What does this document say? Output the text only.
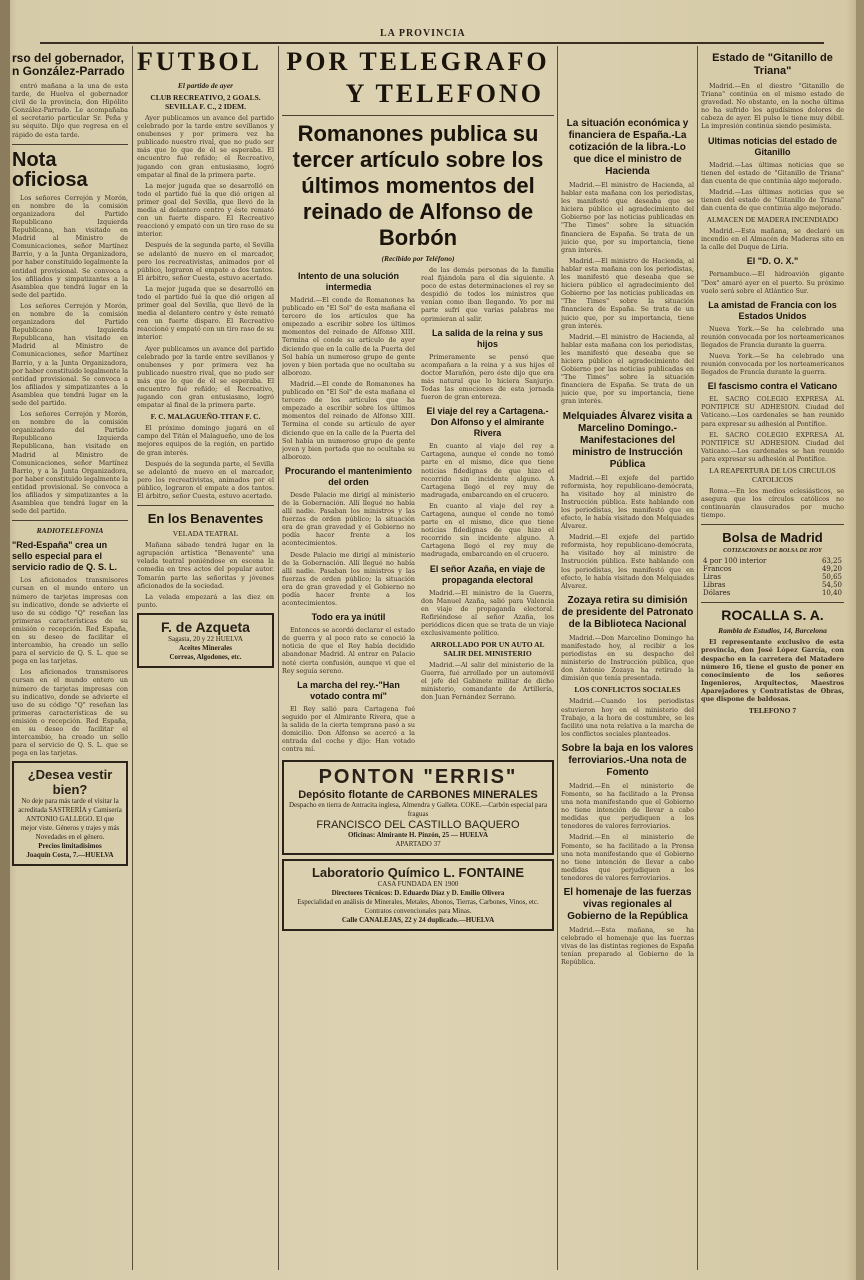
LA PROVINCIA
rso del gobernador, n González-Parrado

entró mañana a la una de esta tarde, de Huelva el gobernador civil de la provincia, don Hipólito González-Parrado. Le acompañaba el secretario particular Sr. Peña y su séquito. Dijo que regresa en el rápido de esta tarde.

Nota oficiosa

Los señores Cerrejón y Morón, en nombre de la comisión organizadora del Partido Republicano Izquierda Republicana, han visitado en Madrid al Ministro de Comunicaciones, señor Martínez Barrio, y a la Junta Organizadora, por haber constituido legalmente la entidad provisional. Se convoca a los afiliados y simpatizantes a la Asamblea que tendrá lugar en la sede del partido.

Los señores Cerrejón y Morón, en nombre de la comisión organizadora del Partido Republicano Izquierda Republicana, han visitado en Madrid al Ministro de Comunicaciones, señor Martínez Barrio, y a la Junta Organizadora, por haber constituido legalmente la entidad provisional. Se convoca a los afiliados y simpatizantes a la Asamblea que tendrá lugar en la sede del partido.

Los señores Cerrejón y Morón, en nombre de la comisión organizadora del Partido Republicano Izquierda Republicana, han visitado en Madrid al Ministro de Comunicaciones, señor Martínez Barrio, y a la Junta Organizadora, por haber constituido legalmente la entidad provisional. Se convoca a los afiliados y simpatizantes a la Asamblea que tendrá lugar en la sede del partido.

RADIOTELEFONIA
"Red-España" crea un sello especial para el servicio radio de Q. S. L.

Los aficionados transmisores cursan en el mundo entero un número de tarjetas impresas con su indicativo, donde se advierte el uso de su código "Q" reseñan las primeras características de su emisión o recepción. Red España, en su deseo de facilitar el intercambio, ha creado un sello para el servicio de Q. S. L. que se pega en las tarjetas.

Los aficionados transmisores cursan en el mundo entero un número de tarjetas impresas con su indicativo, donde se advierte el uso de su código "Q" reseñan las primeras características de su emisión o recepción. Red España, en su deseo de facilitar el intercambio, ha creado un sello para el servicio de Q. S. L. que se pega en las tarjetas.

¿Desea vestir bien?
No deje para más tarde el visitar la acreditada SASTRERÍA y Camisería ANTONIO GALLEGO. El que mejor viste. Géneros y trajes y más Novedades en el género.
Precios limitadísimos
Joaquín Costa, 7.—HUELVA
FUTBOL
El partido de ayer
CLUB RECREATIVO, 2 GOALS. SEVILLA F. C., 2 IDEM.

Ayer publicamos un avance del partido celebrado por la tarde entre sevillanos y onubenses y por primera vez ha publicado nuestro rival, que no pudo ser más que lo que de él se esperaba. El encuentro fué reñido; el Recreativo, jugando con gran entusiasmo, logró empatar al final de la primera parte.

La mejor jugada que se desarrolló en todo el partido fué la que dió origen al primer goal del Sevilla, que llevó de la media al delantero centro y éste remató con un fuerte disparo. El Recreativo reaccionó y empató con un tiro raso de su interior.

Después de la segunda parte, el Sevilla se adelantó de nuevo en el marcador, pero los recreativistas, animados por el público, lograron el empate a dos tantos. El árbitro, señor Cuesta, estuvo acertado.

La mejor jugada que se desarrolló en todo el partido fué la que dió origen al primer goal del Sevilla, que llevó de la media al delantero centro y éste remató con un fuerte disparo. El Recreativo reaccionó y empató con un tiro raso de su interior.

Ayer publicamos un avance del partido celebrado por la tarde entre sevillanos y onubenses y por primera vez ha publicado nuestro rival, que no pudo ser más que lo que de él se esperaba. El encuentro fué reñido; el Recreativo, jugando con gran entusiasmo, logró empatar al final de la primera parte.

F. C. MALAGUEÑO-TITAN F. C.

El próximo domingo jugará en el campo del Titán el Malagueño, uno de los mejores equipos de la región, en partido de gran interés.

Después de la segunda parte, el Sevilla se adelantó de nuevo en el marcador, pero los recreativistas, animados por el público, lograron el empate a dos tantos. El árbitro, señor Cuesta, estuvo acertado.

En los Benaventes
VELADA TEATRAL

Mañana sábado tendrá lugar en la agrupación artística "Benavente" una velada teatral poniéndose en escena la comedia en tres actos del popular autor. Tomarán parte las señoritas y jóvenes aficionados de la sociedad.

La velada empezará a las diez en punto.

F. de Azqueta
Sagasta, 20 y 22 HUELVA
Aceites Minerales
Correas, Algodones, etc.
POR TELEGRAFO
Y TELEFONO
Romanones publica su tercer artículo sobre los últimos momentos del reinado de Alfonso de Borbón
(Recibido por Teléfono)
Intento de una solución intermedia

Madrid.—El conde de Romanones ha publicado en "El Sol" de esta mañana el tercero de los artículos que ha empezado a escribir sobre los últimos momentos del reinado de Alfonso XIII. Termina el conde su artículo de ayer diciendo que en la calle de la Puerta del Sol había un numeroso grupo de gente joven y bien portada que no ocultaba su alborozo.

Madrid.—El conde de Romanones ha publicado en "El Sol" de esta mañana el tercero de los artículos que ha empezado a escribir sobre los últimos momentos del reinado de Alfonso XIII. Termina el conde su artículo de ayer diciendo que en la calle de la Puerta del Sol había un numeroso grupo de gente joven y bien portada que no ocultaba su alborozo.

Procurando el mantenimiento del orden

Desde Palacio me dirigí al ministerio de la Gobernación. Allí llegué no había allí nadie. Pasaban los ministros y las fuerzas de orden público; la situación era de gran gravedad y el Gobierno no podía hacer frente a los acontecimientos.

Desde Palacio me dirigí al ministerio de la Gobernación. Allí llegué no había allí nadie. Pasaban los ministros y las fuerzas de orden público; la situación era de gran gravedad y el Gobierno no podía hacer frente a los acontecimientos.

Todo era ya inútil

Entonces se acordó declarar el estado de guerra y al poco rato se conoció la noticia de que el Rey había decidido abandonar Madrid. Al entrar en Palacio noté cierta confusión, aunque vi que el Rey seguía sereno.

La marcha del rey.-"Han votado contra mí"

El Rey salió para Cartagena fué seguido por el Almirante Rivera, que a la salida de la cierta temprana pasó a su domicilio. Don Alfonso se acercó a la entrada del coche y dijo: Han votado contra mí.

de las demás personas de la familia real fijándola para el día siguiente. A poco de estas determinaciones el rey se despidió de todos los ministros que venían como iban llegando. Yo por mi parte sufrí que varias palabras me oprimieran al salir.

La salida de la reina y sus hijos

Primeramente se pensó que acompañara a la reina y a sus hijos el doctor Marañón, pero éste dijo que era más natural que lo hiciera Sanjurjo. Todas las emociones de esta jornada fueron de gran entereza.

El viaje del rey a Cartagena.-Don Alfonso y el almirante Rivera

En cuanto al viaje del rey a Cartagena, aunque el conde no tomó parte en el mismo, dice que tiene noticias fidedignas de que hizo el recorrido sin incidente alguno. A Cartagena llegó el rey muy de madrugada, embarcando en el crucero.

En cuanto al viaje del rey a Cartagena, aunque el conde no tomó parte en el mismo, dice que tiene noticias fidedignas de que hizo el recorrido sin incidente alguno. A Cartagena llegó el rey muy de madrugada, embarcando en el crucero.

El señor Azaña, en viaje de propaganda electoral

Madrid.—El ministro de la Guerra, don Manuel Azaña, salió para Valencia en viaje de propaganda electoral. Refiriéndose al señor Azaña, los periódicos dicen que se trata de un viaje exclusivamente político.

ARROLLADO POR UN AUTO AL SALIR DEL MINISTERIO

Madrid.—Al salir del ministerio de la Guerra, fué arrollado por un automóvil el jefe del Gabinete militar de dicho ministerio, comandante de Artillería, don Juan Fernández Serrano.

PONTON "ERRIS"
Depósito flotante de CARBONES MINERALES
Despacho en tierra de Antracita inglesa, Almendra y Galleta. COKE.—Carbón especial para fraguas
FRANCISCO DEL CASTILLO BAQUERO
Oficinas: Almirante H. Pinzón, 25 — HUELVA
APARTADO 37
Laboratorio Químico L. FONTAINE
CASA FUNDADA EN 1900
Directores Técnicos: D. Eduardo Díaz y D. Emilio Olivera
Especialidad en análisis de Minerales, Metales, Abonos, Tierras, Carbones, Vinos, etc. Contratos convencionales para Minas.
Calle CANALEJAS, 22 y 24 duplicado.—HUELVA
La situación económica y financiera de España.-La cotización de la libra.-Lo que dice el ministro de Hacienda

Madrid.—El ministro de Hacienda, al hablar esta mañana con los periodistas, les manifestó que deseaba que se hiciera público el agradecimiento del Gobierno por las noticias publicadas en "The Times" sobre la situación financiera de España. Se trata de un juicio que, por su importancia, tiene gran interés.

Madrid.—El ministro de Hacienda, al hablar esta mañana con los periodistas, les manifestó que deseaba que se hiciera público el agradecimiento del Gobierno por las noticias publicadas en "The Times" sobre la situación financiera de España. Se trata de un juicio que, por su importancia, tiene gran interés.

Madrid.—El ministro de Hacienda, al hablar esta mañana con los periodistas, les manifestó que deseaba que se hiciera público el agradecimiento del Gobierno por las noticias publicadas en "The Times" sobre la situación financiera de España. Se trata de un juicio que, por su importancia, tiene gran interés.

Melquiades Álvarez visita a Marcelino Domingo.-Manifestaciones del ministro de Instrucción Pública

Madrid.—El exjefe del partido reformista, hoy republicano-demócrata, ha visitado hoy al ministro de Instrucción pública. Este hablando con los periodistas, les manifestó que en efecto, le había visitado don Melquiades Álvarez.

Madrid.—El exjefe del partido reformista, hoy republicano-demócrata, ha visitado hoy al ministro de Instrucción pública. Este hablando con los periodistas, les manifestó que en efecto, le había visitado don Melquiades Álvarez.

Zozaya retira su dimisión de presidente del Patronato de la Biblioteca Nacional

Madrid.—Don Marcelino Domingo ha manifestado hoy, al recibir a los periodistas en su despacho del ministerio de Instrucción pública, que don Antonio Zozaya ha retirado la dimisión que tenía presentada.

LOS CONFLICTOS SOCIALES

Madrid.—Cuando los periodistas estuvieron hoy en el ministerio del Trabajo, a la hora de costumbre, se les facilitó una nota relativa a la marcha de los conflictos sociales planteados.

Sobre la baja en los valores ferroviarios.-Una nota de Fomento

Madrid.—En el ministerio de Fomento, se ha facilitado a la Prensa una nota manifestando que el Gobierno no tiene intención de llevar a cabo medidas que perjudiquen a los tenedores de valores ferroviarios.

Madrid.—En el ministerio de Fomento, se ha facilitado a la Prensa una nota manifestando que el Gobierno no tiene intención de llevar a cabo medidas que perjudiquen a los tenedores de valores ferroviarios.

El homenaje de las fuerzas vivas regionales al Gobierno de la República

Madrid.—Esta mañana, se ha celebrado el homenaje que las fuerzas vivas de las distintas regiones de España tenían preparado al Gobierno de la República.

Estado de "Gitanillo de Triana"

Madrid.—En el diestro "Gitanillo de Triana" continúa en el mismo estado de gravedad. No obstante, en la noche última no ha sufrido los agudísimos dolores de cabeza de ayer. El pulso le tiene muy débil. La impresión continúa siendo pesimista.

Ultimas noticias del estado de Gitanillo

Madrid.—Las últimas noticias que se tienen del estado de "Gitanillo de Triana" dan cuenta de que continúa algo mejorado.

Madrid.—Las últimas noticias que se tienen del estado de "Gitanillo de Triana" dan cuenta de que continúa algo mejorado.

ALMACEN DE MADERA INCENDIADO

Madrid.—Esta mañana, se declaró un incendio en el Almacén de Maderas sito en la calle del Duque de Liria.

El "D. O. X."

Pernambuco.—El hidroavión gigante "Dox" amaró ayer en el puerto. Su próximo vuelo será sobre el Atlántico Sur.

La amistad de Francia con los Estados Unidos

Nueva York.—Se ha celebrado una reunión convocada por los norteamericanos llegados de Francia durante la guerra.

Nueva York.—Se ha celebrado una reunión convocada por los norteamericanos llegados de Francia durante la guerra.

El fascismo contra el Vaticano

EL SACRO COLEGIO EXPRESA AL PONTIFICE SU ADHESION. Ciudad del Vaticano.—Los cardenales se han reunido para expresar su adhesión al Pontífice.

EL SACRO COLEGIO EXPRESA AL PONTIFICE SU ADHESION. Ciudad del Vaticano.—Los cardenales se han reunido para expresar su adhesión al Pontífice.

LA REAPERTURA DE LOS CIRCULOS CATOLICOS

Roma.—En los medios eclesiásticos, se asegura que los círculos católicos no continuarán clausurados por mucho tiempo.

Bolsa de Madrid
COTIZACIONES DE BOLSA DE HOY
4 por 100 interior	63,25
Francos	49,20
Liras	50,65
Libras	54,50
Dólares	10,40
ROCALLA S. A.
Rambla de Estudios, 14, Barcelona

El representante exclusivo de esta provincia, don José López García, con despacho en la carretera del Matadero número 16, tiene el gusto de poner en conocimiento de los señores Ingenieros, Arquitectos, Maestros Aparejadores y Contratistas de Obras, que dispone de baldosas.

TELEFONO 7
